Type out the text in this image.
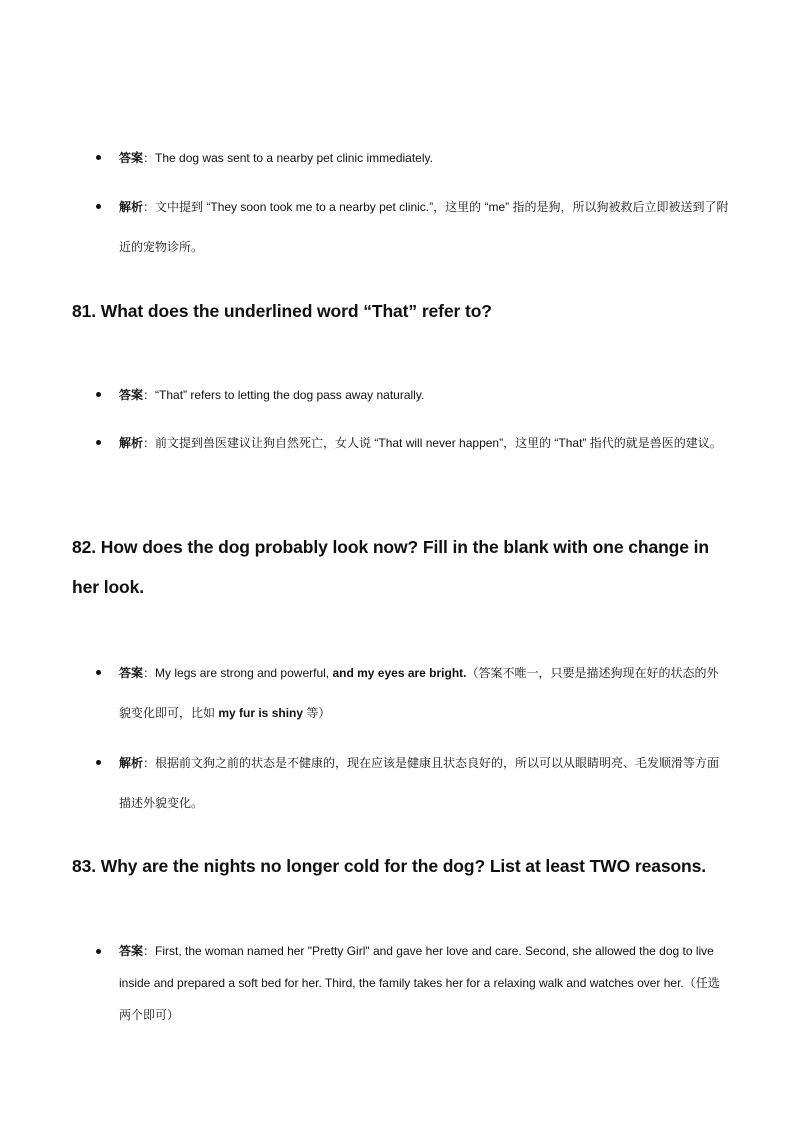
答案：The dog was sent to a nearby pet clinic immediately.
解析：文中提到 “They soon took me to a nearby pet clinic.”，这里的 “me” 指的是狗，所以狗被救后立即被送到了附近的宠物诊所。
81. What does the underlined word “That” refer to?
答案：“That” refers to letting the dog pass away naturally.
解析：前文提到兽医建议让狗自然死亡，女人说 “That will never happen”，这里的 “That” 指代的就是兽医的建议。
82. How does the dog probably look now? Fill in the blank with one change in her look.
答案：My legs are strong and powerful, and my eyes are bright.（答案不唯一，只要是描述狗现在好的状态的外貌变化即可，比如 my fur is shiny 等）
解析：根据前文狗之前的状态是不健康的，现在应该是健康且状态良好的，所以可以从眼睛明亮、毛发顺滑等方面描述外貌变化。
83. Why are the nights no longer cold for the dog? List at least TWO reasons.
答案：First, the woman named her "Pretty Girl" and gave her love and care. Second, she allowed the dog to live inside and prepared a soft bed for her. Third, the family takes her for a relaxing walk and watches over her.（任选两个即可）
